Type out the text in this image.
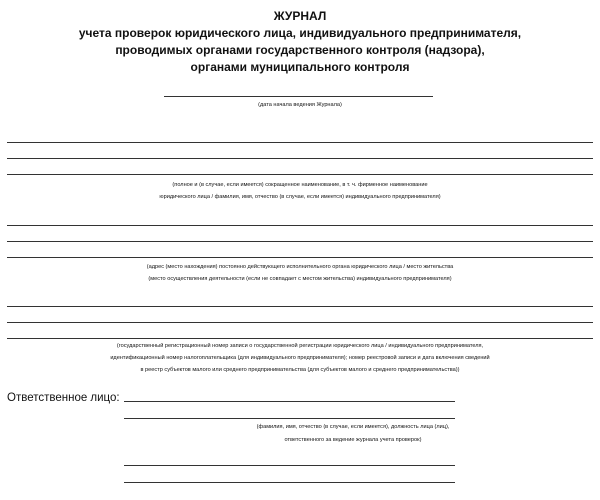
ЖУРНАЛ
учета проверок юридического лица, индивидуального предпринимателя,
проводимых органами государственного контроля (надзора),
органами муниципального контроля
(дата начала ведения Журнала)
(полное и (в случае, если имеется) сокращенное наименование, в т. ч. фирменное наименование
юридического лица / фамилия, имя, отчество (в случае, если имеется) индивидуального предпринимателя)
(адрес (место нахождения) постоянно действующего исполнительного органа юридического лица / место жительства
(место осуществления деятельности (если не совпадает с местом жительства) индивидуального предпринимателя)
(государственный регистрационный номер записи о государственной регистрации юридического лица / индивидуального предпринимателя,
идентификационный номер налогоплательщика (для индивидуального предпринимателя); номер реестровой записи и дата включения сведений
в реестр субъектов малого или среднего предпринимательства (для субъектов малого и среднего предпринимательства))
Ответственное лицо:
(фамилия, имя, отчество (в случае, если имеется), должность лица (лиц),
ответственного за ведение журнала учета проверок)
